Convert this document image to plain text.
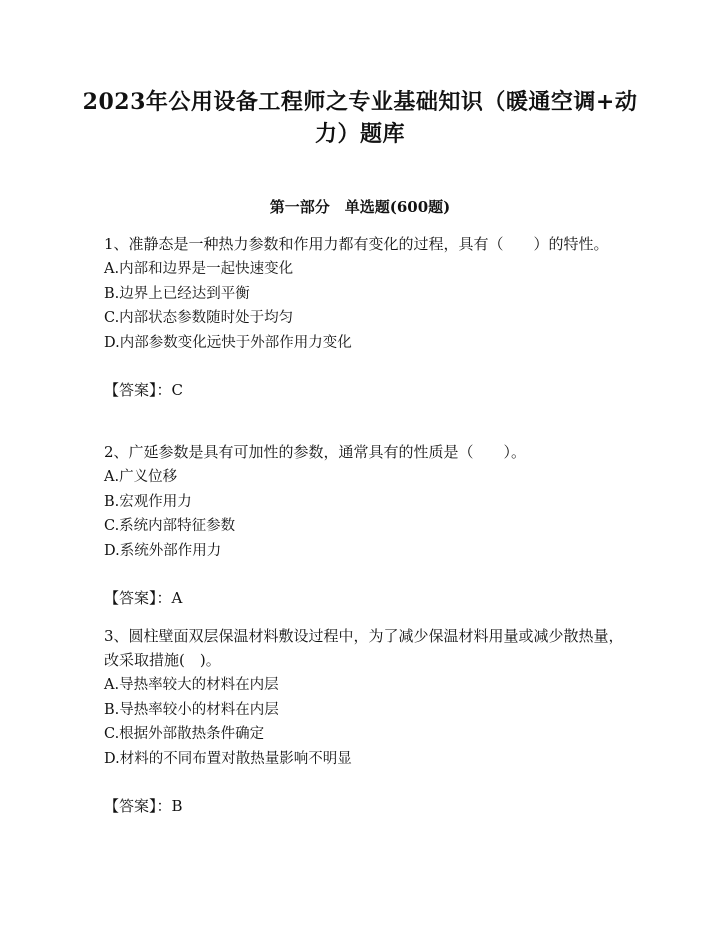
2023年公用设备工程师之专业基础知识（暖通空调+动力）题库
第一部分　单选题(600题)

1、准静态是一种热力参数和作用力都有变化的过程，具有（　　）的特性。

A.内部和边界是一起快速变化
B.边界上已经达到平衡
C.内部状态参数随时处于均匀
D.内部参数变化远快于外部作用力变化
【答案】：C

2、广延参数是具有可加性的参数，通常具有的性质是（　　）。

A.广义位移
B.宏观作用力
C.系统内部特征参数
D.系统外部作用力
【答案】：A

3、圆柱壁面双层保温材料敷设过程中，为了减少保温材料用量或减少散热量，改采取措施(　)。

A.导热率较大的材料在内层
B.导热率较小的材料在内层
C.根据外部散热条件确定
D.材料的不同布置对散热量影响不明显
【答案】：B
